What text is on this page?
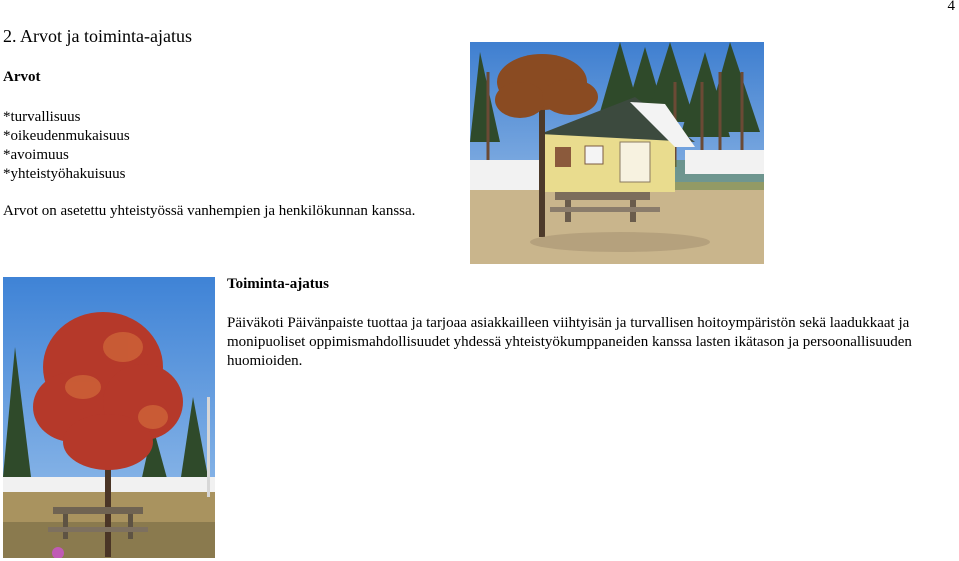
4
2. Arvot ja toiminta-ajatus
Arvot
*turvallisuus
*oikeudenmukaisuus
*avoimuus
*yhteistyöhakuisuus

Arvot on asetettu yhteistyössä vanhempien ja henkilökunnan kanssa.

Toiminta-ajatus

Päiväkoti Päivänpaiste tuottaa ja tarjoaa asiakkailleen viihtyisän ja turvallisen hoitoympäristön sekä laadukkaat ja monipuoliset oppimismahdollisuudet yhdessä yhteistyökumppaneiden kanssa lasten ikätason ja persoonallisuuden huomioiden.
